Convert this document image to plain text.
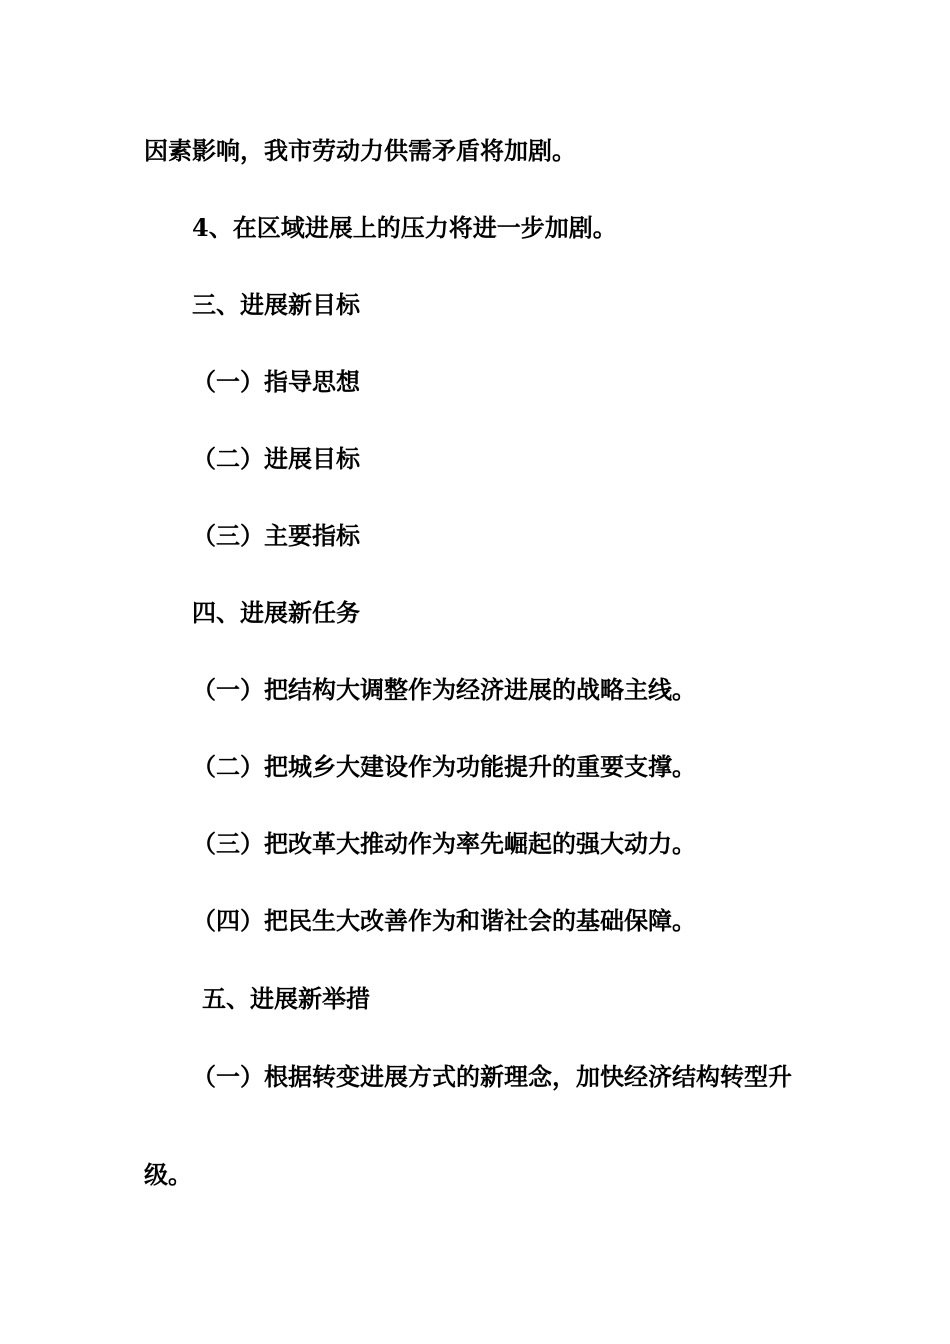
因素影响，我市劳动力供需矛盾将加剧。

4、在区域进展上的压力将进一步加剧。

三、进展新目标

（一）指导思想

（二）进展目标

（三）主要指标

四、进展新任务

（一）把结构大调整作为经济进展的战略主线。

（二）把城乡大建设作为功能提升的重要支撑。

（三）把改革大推动作为率先崛起的强大动力。

（四）把民生大改善作为和谐社会的基础保障。

五、进展新举措

（一）根据转变进展方式的新理念，加快经济结构转型升

级。
